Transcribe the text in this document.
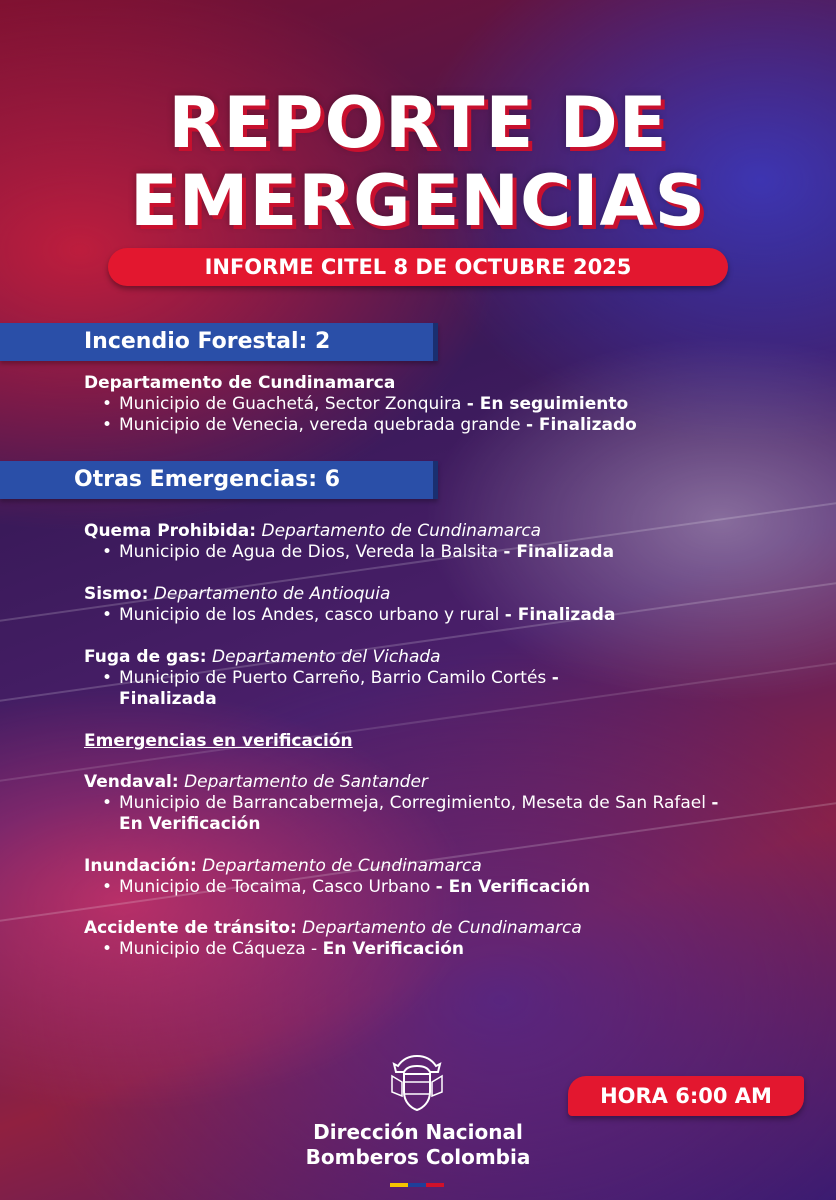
REPORTE DE
EMERGENCIAS
INFORME CITEL 8 DE OCTUBRE 2025
Incendio Forestal: 2
Departamento de Cundinamarca
• Municipio de Guachetá, Sector Zonquira - En seguimiento
• Municipio de Venecia, vereda quebrada grande - Finalizado
Otras Emergencias: 6
Quema Prohibida: Departamento de Cundinamarca
• Municipio de Agua de Dios, Vereda la Balsita - Finalizada
Sismo: Departamento de Antioquia
• Municipio de los Andes, casco urbano y rural - Finalizada
Fuga de gas: Departamento del Vichada
• Municipio de Puerto Carreño, Barrio Camilo Cortés - Finalizada
Emergencias en verificación
Vendaval: Departamento de Santander
• Municipio de Barrancabermeja, Corregimiento, Meseta de San Rafael - En Verificación
Inundación: Departamento de Cundinamarca
• Municipio de Tocaima, Casco Urbano - En Verificación
Accidente de tránsito: Departamento de Cundinamarca
• Municipio de Cáqueza - En Verificación
HORA 6:00 AM
Dirección Nacional
Bomberos Colombia
